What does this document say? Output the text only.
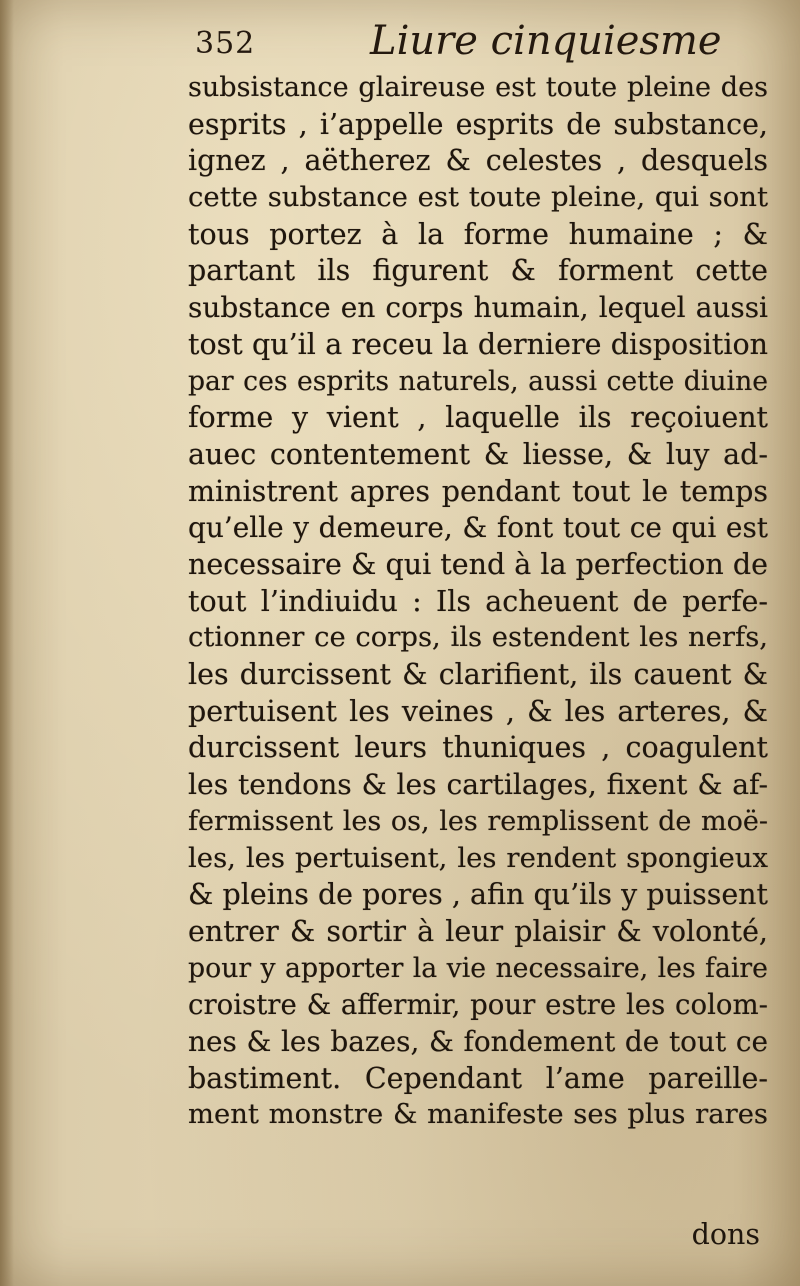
352	Liure cinquiesme
subsistance glaireuse est toute pleine des
esprits , i’appelle esprits de substance,
ignez , aëtherez & celestes , desquels
cette substance est toute pleine, qui sont
tous portez à la forme humaine ; &
partant ils figurent & forment cette
substance en corps humain, lequel aussi
tost qu’il a receu la derniere disposition
par ces esprits naturels, aussi cette diuine
forme y vient , laquelle ils reçoiuent
auec contentement & liesse, & luy ad-
ministrent apres pendant tout le temps
qu’elle y demeure, & font tout ce qui est
necessaire & qui tend à la perfection de
tout l’indiuidu : Ils acheuent de perfe-
ctionner ce corps, ils estendent les nerfs,
les durcissent & clarifient, ils cauent &
pertuisent les veines , & les arteres, &
durcissent leurs thuniques , coagulent
les tendons & les cartilages, fixent & af-
fermissent les os, les remplissent de moë-
les, les pertuisent, les rendent spongieux
& pleins de pores , afin qu’ils y puissent
entrer & sortir à leur plaisir & volonté,
pour y apporter la vie necessaire, les faire
croistre & affermir, pour estre les colom-
nes & les bazes, & fondement de tout ce
bastiment. Cependant l’ame pareille-
ment monstre & manifeste ses plus rares
dons
